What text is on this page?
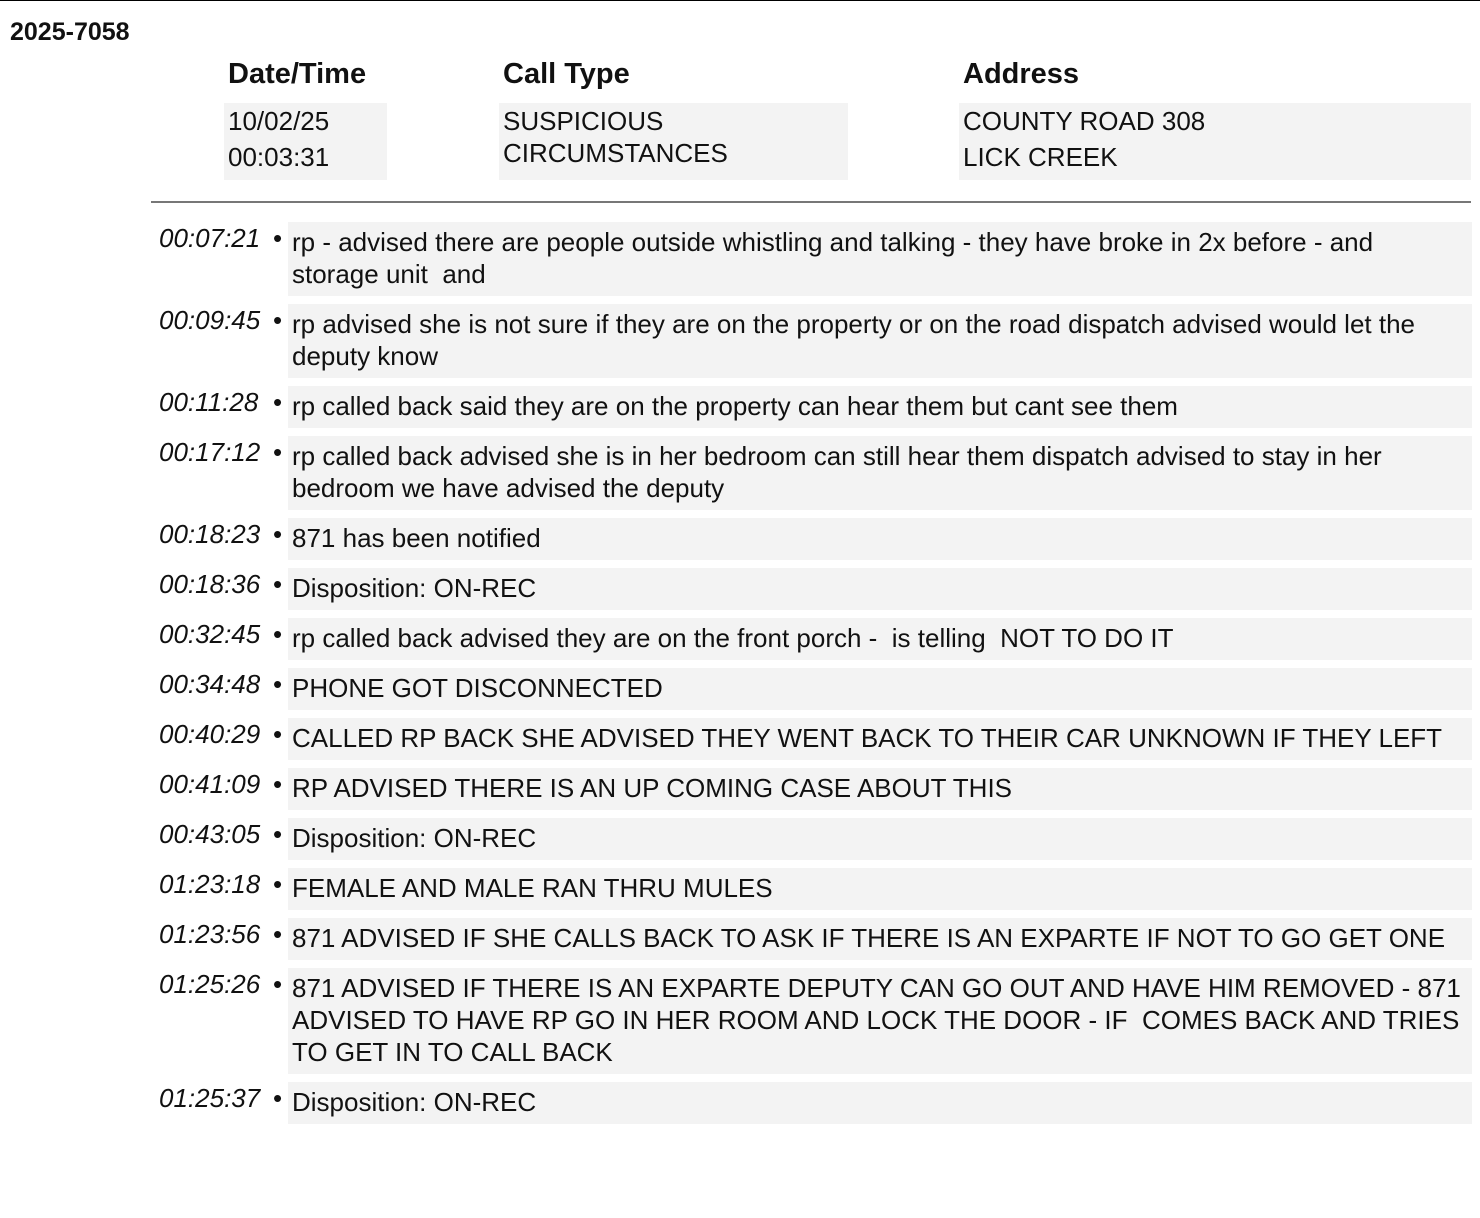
2025-7058
Date/Time	Call Type	Address
10/02/25
00:03:31
SUSPICIOUS
CIRCUMSTANCES
COUNTY ROAD 308
LICK CREEK
00:07:21 • rp - advised there are people outside whistling and talking - they have broke in 2x before - and storage unit  and
00:09:45 • rp advised she is not sure if they are on the property or on the road dispatch advised would let the deputy know
00:11:28 • rp called back said they are on the property can hear them but cant see them
00:17:12 • rp called back advised she is in her bedroom can still hear them dispatch advised to stay in her bedroom we have advised the deputy
00:18:23 • 871 has been notified
00:18:36 • Disposition: ON-REC
00:32:45 • rp called back advised they are on the front porch -  is telling  NOT TO DO IT
00:34:48 • PHONE GOT DISCONNECTED
00:40:29 • CALLED RP BACK SHE ADVISED THEY WENT BACK TO THEIR CAR UNKNOWN IF THEY LEFT
00:41:09 • RP ADVISED THERE IS AN UP COMING CASE ABOUT THIS
00:43:05 • Disposition: ON-REC
01:23:18 • FEMALE AND MALE RAN THRU MULES
01:23:56 • 871 ADVISED IF SHE CALLS BACK TO ASK IF THERE IS AN EXPARTE IF NOT TO GO GET ONE
01:25:26 • 871 ADVISED IF THERE IS AN EXPARTE DEPUTY CAN GO OUT AND HAVE HIM REMOVED - 871 ADVISED TO HAVE RP GO IN HER ROOM AND LOCK THE DOOR - IF  COMES BACK AND TRIES TO GET IN TO CALL BACK
01:25:37 • Disposition: ON-REC
